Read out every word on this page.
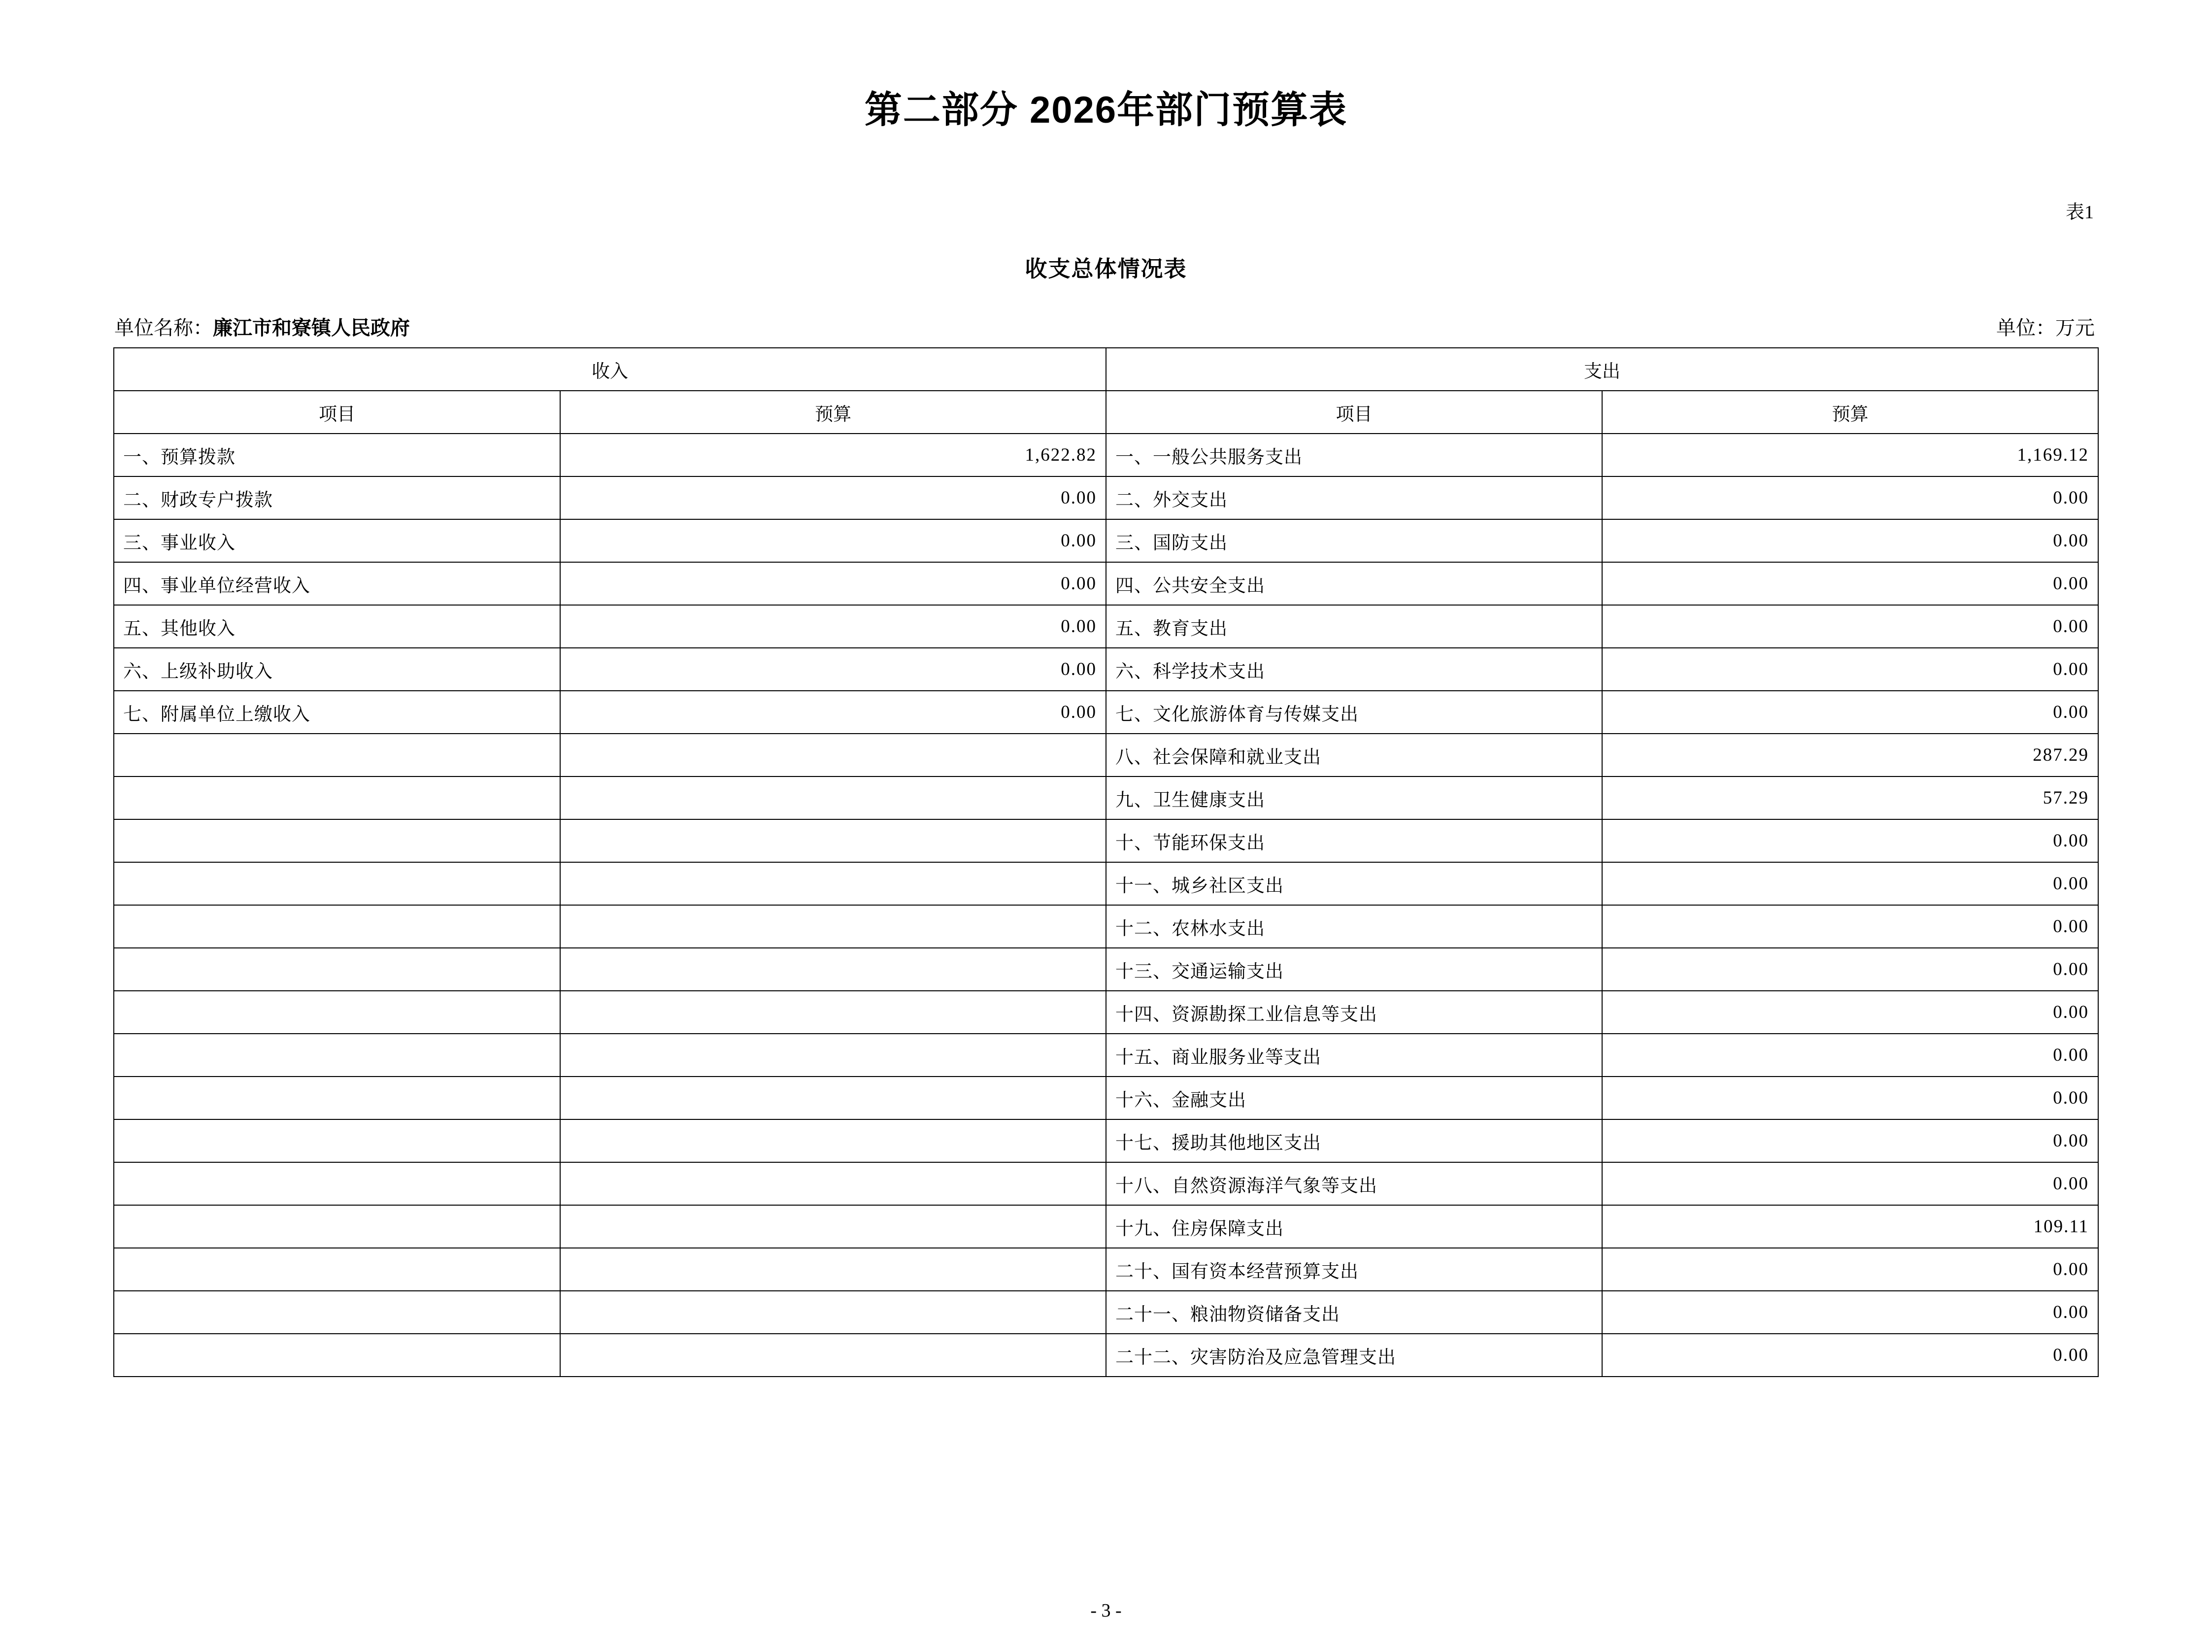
第二部分 2026年部门预算表
表1
收支总体情况表
单位名称：廉江市和寮镇人民政府	单位：万元
收入		支出	
项目	预算	项目	预算
一、预算拨款	1,622.82	一、一般公共服务支出	1,169.12
二、财政专户拨款	0.00	二、外交支出	0.00
三、事业收入	0.00	三、国防支出	0.00
四、事业单位经营收入	0.00	四、公共安全支出	0.00
五、其他收入	0.00	五、教育支出	0.00
六、上级补助收入	0.00	六、科学技术支出	0.00
七、附属单位上缴收入	0.00	七、文化旅游体育与传媒支出	0.00
		八、社会保障和就业支出	287.29
		九、卫生健康支出	57.29
		十、节能环保支出	0.00
		十一、城乡社区支出	0.00
		十二、农林水支出	0.00
		十三、交通运输支出	0.00
		十四、资源勘探工业信息等支出	0.00
		十五、商业服务业等支出	0.00
		十六、金融支出	0.00
		十七、援助其他地区支出	0.00
		十八、自然资源海洋气象等支出	0.00
		十九、住房保障支出	109.11
		二十、国有资本经营预算支出	0.00
		二十一、粮油物资储备支出	0.00
		二十二、灾害防治及应急管理支出	0.00
- 3 -
